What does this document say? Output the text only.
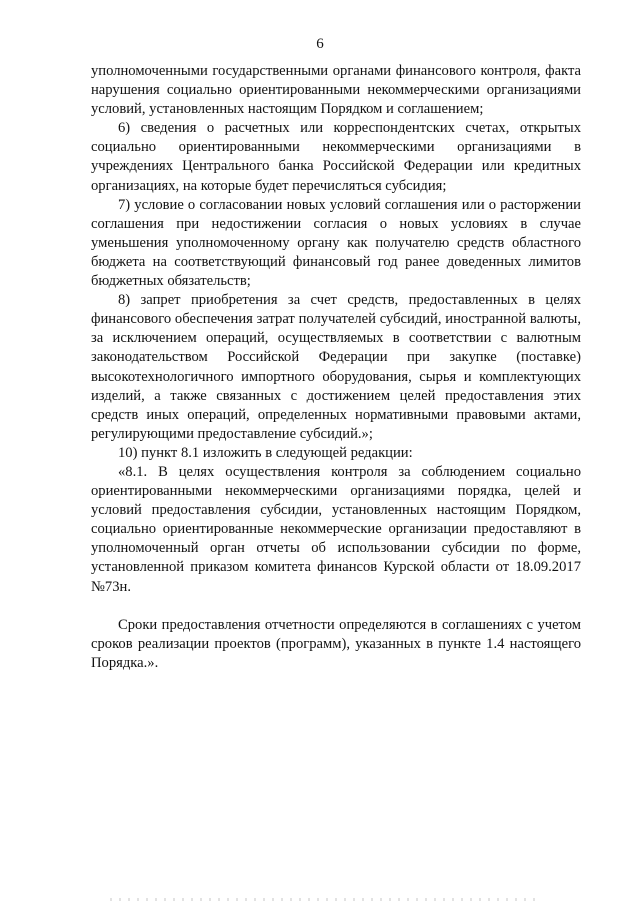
6

уполномоченными государственными органами финансового контроля, факта нарушения социально ориентированными некоммерческими организациями условий, установленных настоящим Порядком и соглашением;

6) сведения о расчетных или корреспондентских счетах, открытых социально ориентированными некоммерческими организациями в учреждениях Центрального банка Российской Федерации или кредитных организациях, на которые будет перечисляться субсидия;

7) условие о согласовании новых условий соглашения или о расторжении соглашения при недостижении согласия о новых условиях в случае уменьшения уполномоченному органу как получателю средств областного бюджета на соответствующий финансовый год ранее доведенных лимитов бюджетных обязательств;

8) запрет приобретения за счет средств, предоставленных в целях финансового обеспечения затрат получателей субсидий, иностранной валюты, за исключением операций, осуществляемых в соответствии с валютным законодательством Российской Федерации при закупке (поставке) высокотехнологичного импортного оборудования, сырья и комплектующих изделий, а также связанных с достижением целей предоставления этих средств иных операций, определенных нормативными правовыми актами, регулирующими предоставление субсидий.»;

10) пункт 8.1 изложить в следующей редакции:

«8.1. В целях осуществления контроля за соблюдением социально ориентированными некоммерческими организациями порядка, целей и условий предоставления субсидии, установленных настоящим Порядком, социально ориентированные некоммерческие организации предоставляют в уполномоченный орган отчеты об использовании субсидии по форме, установленной приказом комитета финансов Курской области от 18.09.2017 №73н.

Сроки предоставления отчетности определяются в соглашениях с учетом сроков реализации проектов (программ), указанных в пункте 1.4 настоящего Порядка.».
